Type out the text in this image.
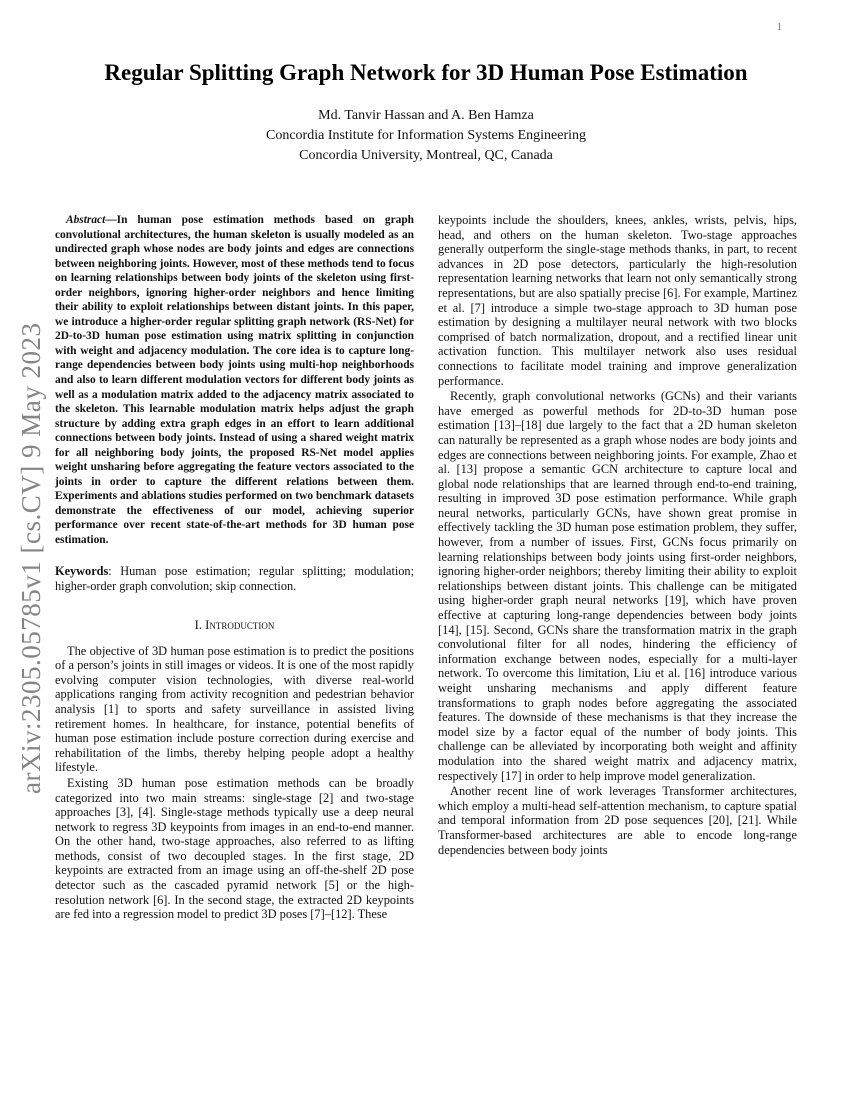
1
arXiv:2305.05785v1 [cs.CV] 9 May 2023
Regular Splitting Graph Network for 3D Human Pose Estimation

Md. Tanvir Hassan and A. Ben Hamza

Concordia Institute for Information Systems Engineering

Concordia University, Montreal, QC, Canada

Abstract—In human pose estimation methods based on graph convolutional architectures, the human skeleton is usually modeled as an undirected graph whose nodes are body joints and edges are connections between neighboring joints. However, most of these methods tend to focus on learning relationships between body joints of the skeleton using first-order neighbors, ignoring higher-order neighbors and hence limiting their ability to exploit relationships between distant joints. In this paper, we introduce a higher-order regular splitting graph network (RS-Net) for 2D-to-3D human pose estimation using matrix splitting in conjunction with weight and adjacency modulation. The core idea is to capture long-range dependencies between body joints using multi-hop neighborhoods and also to learn different modulation vectors for different body joints as well as a modulation matrix added to the adjacency matrix associated to the skeleton. This learnable modulation matrix helps adjust the graph structure by adding extra graph edges in an effort to learn additional connections between body joints. Instead of using a shared weight matrix for all neighboring body joints, the proposed RS-Net model applies weight unsharing before aggregating the feature vectors associated to the joints in order to capture the different relations between them. Experiments and ablations studies performed on two benchmark datasets demonstrate the effectiveness of our model, achieving superior performance over recent state-of-the-art methods for 3D human pose estimation.

Keywords: Human pose estimation; regular splitting; modulation; higher-order graph convolution; skip connection.

I. Introduction

The objective of 3D human pose estimation is to predict the positions of a person’s joints in still images or videos. It is one of the most rapidly evolving computer vision technologies, with diverse real-world applications ranging from activity recognition and pedestrian behavior analysis [1] to sports and safety surveillance in assisted living retirement homes. In healthcare, for instance, potential benefits of human pose estimation include posture correction during exercise and rehabilitation of the limbs, thereby helping people adopt a healthy lifestyle.

Existing 3D human pose estimation methods can be broadly categorized into two main streams: single-stage [2] and two-stage approaches [3], [4]. Single-stage methods typically use a deep neural network to regress 3D keypoints from images in an end-to-end manner. On the other hand, two-stage approaches, also referred to as lifting methods, consist of two decoupled stages. In the first stage, 2D keypoints are extracted from an image using an off-the-shelf 2D pose detector such as the cascaded pyramid network [5] or the high-resolution network [6]. In the second stage, the extracted 2D keypoints are fed into a regression model to predict 3D poses [7]–[12]. These

keypoints include the shoulders, knees, ankles, wrists, pelvis, hips, head, and others on the human skeleton. Two-stage approaches generally outperform the single-stage methods thanks, in part, to recent advances in 2D pose detectors, particularly the high-resolution representation learning networks that learn not only semantically strong representations, but are also spatially precise [6]. For example, Martinez et al. [7] introduce a simple two-stage approach to 3D human pose estimation by designing a multilayer neural network with two blocks comprised of batch normalization, dropout, and a rectified linear unit activation function. This multilayer network also uses residual connections to facilitate model training and improve generalization performance.

Recently, graph convolutional networks (GCNs) and their variants have emerged as powerful methods for 2D-to-3D human pose estimation [13]–[18] due largely to the fact that a 2D human skeleton can naturally be represented as a graph whose nodes are body joints and edges are connections between neighboring joints. For example, Zhao et al. [13] propose a semantic GCN architecture to capture local and global node relationships that are learned through end-to-end training, resulting in improved 3D pose estimation performance. While graph neural networks, particularly GCNs, have shown great promise in effectively tackling the 3D human pose estimation problem, they suffer, however, from a number of issues. First, GCNs focus primarily on learning relationships between body joints using first-order neighbors, ignoring higher-order neighbors; thereby limiting their ability to exploit relationships between distant joints. This challenge can be mitigated using higher-order graph neural networks [19], which have proven effective at capturing long-range dependencies between body joints [14], [15]. Second, GCNs share the transformation matrix in the graph convolutional filter for all nodes, hindering the efficiency of information exchange between nodes, especially for a multi-layer network. To overcome this limitation, Liu et al. [16] introduce various weight unsharing mechanisms and apply different feature transformations to graph nodes before aggregating the associated features. The downside of these mechanisms is that they increase the model size by a factor equal of the number of body joints. This challenge can be alleviated by incorporating both weight and affinity modulation into the shared weight matrix and adjacency matrix, respectively [17] in order to help improve model generalization.

Another recent line of work leverages Transformer architectures, which employ a multi-head self-attention mechanism, to capture spatial and temporal information from 2D pose sequences [20], [21]. While Transformer-based architectures are able to encode long-range dependencies between body joints
